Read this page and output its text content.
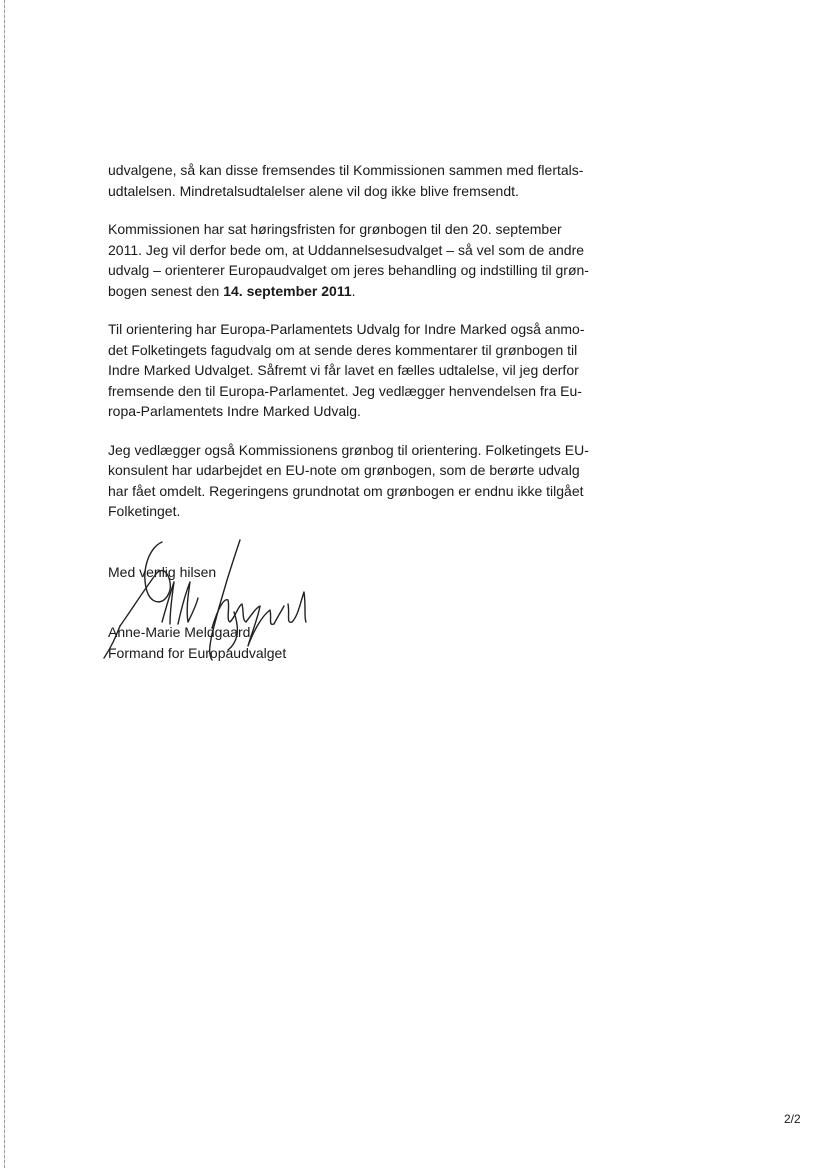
udvalgene, så kan disse fremsendes til Kommissionen sammen med flertals-
udtalelsen. Mindretalsudtalelser alene vil dog ikke blive fremsendt.

Kommissionen har sat høringsfristen for grønbogen til den 20. september
2011. Jeg vil derfor bede om, at Uddannelsesudvalget – så vel som de andre
udvalg – orienterer Europaudvalget om jeres behandling og indstilling til grøn-
bogen senest den 14. september 2011.

Til orientering har Europa-Parlamentets Udvalg for Indre Marked også anmo-
det Folketingets fagudvalg om at sende deres kommentarer til grønbogen til
Indre Marked Udvalget. Såfremt vi får lavet en fælles udtalelse, vil jeg derfor
fremsende den til Europa-Parlamentet. Jeg vedlægger henvendelsen fra Eu-
ropa-Parlamentets Indre Marked Udvalg.

Jeg vedlægger også Kommissionens grønbog til orientering. Folketingets EU-
konsulent har udarbejdet en EU-note om grønbogen, som de berørte udvalg
har fået omdelt. Regeringens grundnotat om grønbogen er endnu ikke tilgået
Folketinget.

Med venlig hilsen
Anne-Marie Meldgaard
Formand for Europaudvalget
2/2
